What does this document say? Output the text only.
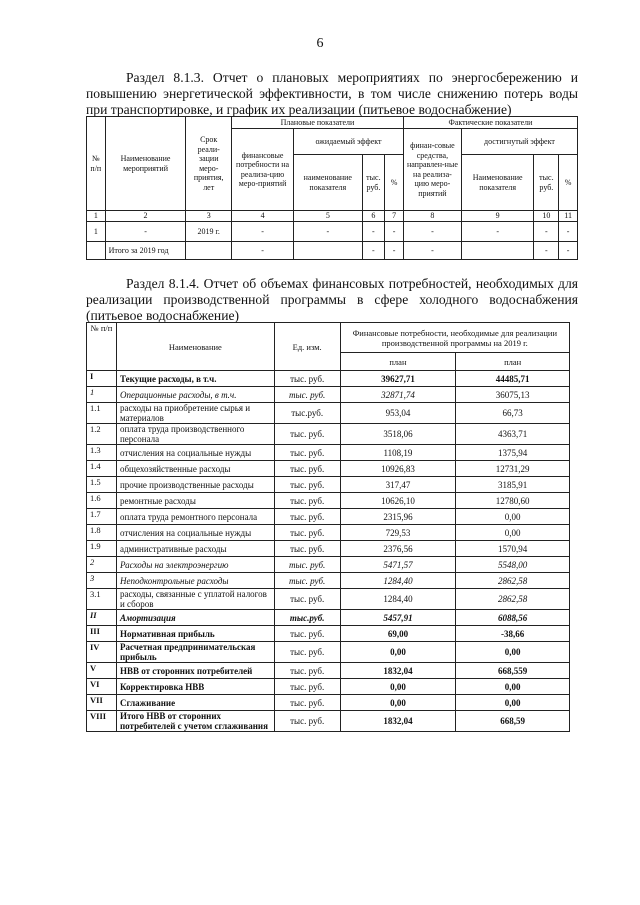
6
Раздел 8.1.3. Отчет о плановых мероприятиях по энергосбережению и повышению энергетической эффективности, в том числе снижению потерь воды при транспортировке, и график их реализации (питьевое водоснабжение)
№ п/п	Наименование мероприятий	Срок реали-зации меро-приятия, лет	Плановые показатели				Фактические показатели			
			финансовые потребности на реализа-цию меро-приятий	ожидаемый эффект			финан-совые средства, направлен-ные на реализа-цию меро-приятий	достигнутый эффект		
				наименование показателя	тыс. руб.	%		Наименование показателя	тыс. руб.	%
1	2	3	4	5	6	7	8	9	10	11
1	-	2019 г.	-	-	-	-	-	-	-	-
	Итого за 2019 год		-		-	-	-		-	-
Раздел 8.1.4. Отчет об объемах финансовых потребностей, необходимых для реализации производственной программы в сфере холодного водоснабжения (питьевое водоснабжение)
№ п/п	Наименование	Ед. изм.	Финансовые потребности, необходимые для реализации производственной программы на 2019 г.	
			план	план
I	Текущие расходы, в т.ч.	тыс. руб.	39627,71	44485,71
1	Операционные расходы, в т.ч.	тыс. руб.	32871,74	36075,13
1.1	расходы на приобретение сырья и материалов	тыс.руб.	953,04	66,73
1.2	оплата труда производственного персонала	тыс. руб.	3518,06	4363,71
1.3	отчисления на социальные нужды	тыс. руб.	1108,19	1375,94
1.4	общехозяйственные расходы	тыс. руб.	10926,83	12731,29
1.5	прочие производственные расходы	тыс. руб.	317,47	3185,91
1.6	ремонтные расходы	тыс. руб.	10626,10	12780,60
1.7	оплата труда ремонтного персонала	тыс. руб.	2315,96	0,00
1.8	отчисления на социальные нужды	тыс. руб.	729,53	0,00
1.9	административные расходы	тыс. руб.	2376,56	1570,94
2	Расходы на электроэнергию	тыс. руб.	5471,57	5548,00
3	Неподконтрольные расходы	тыс. руб.	1284,40	2862,58
3.1	расходы, связанные с уплатой налогов и сборов	тыс. руб.	1284,40	2862,58
II	Амортизация	тыс.руб.	5457,91	6088,56
III	Нормативная прибыль	тыс. руб.	69,00	-38,66
IV	Расчетная предпринимательская прибыль	тыс. руб.	0,00	0,00
V	НВВ от сторонних потребителей	тыс. руб.	1832,04	668,559
VI	Корректировка НВВ	тыс. руб.	0,00	0,00
VII	Сглаживание	тыс. руб.	0,00	0,00
VIII	Итого НВВ от сторонних потребителей с учетом сглаживания	тыс. руб.	1832,04	668,59
